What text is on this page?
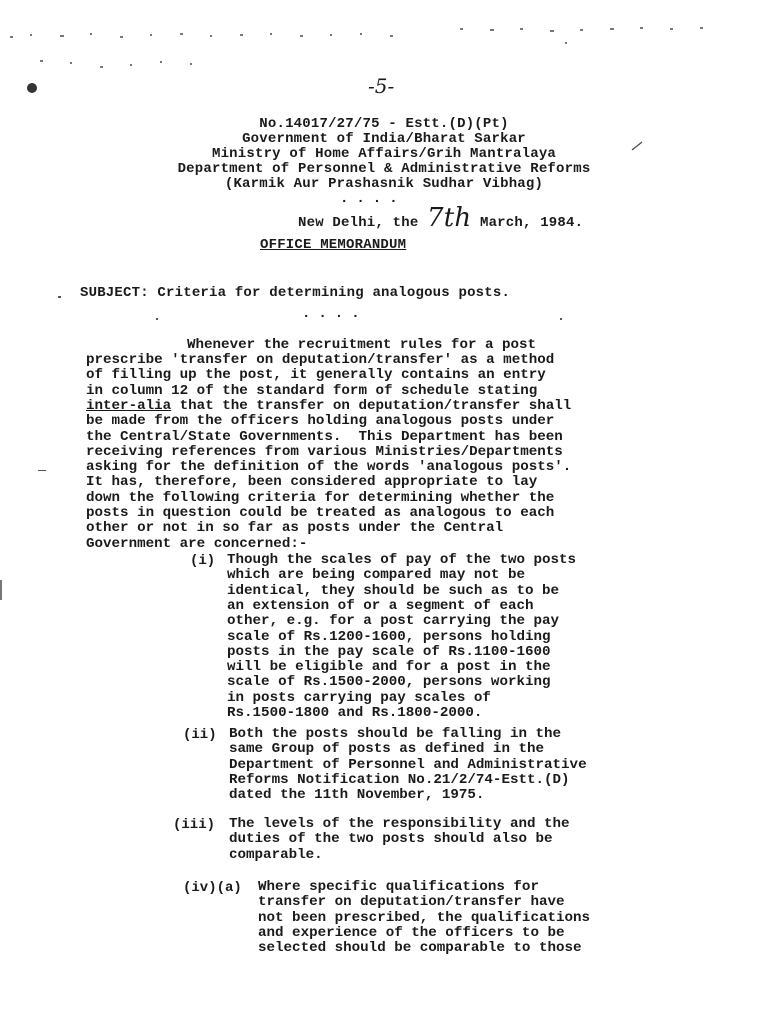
-5-
No.14017/27/75 - Estt.(D)(Pt)
Government of India/Bharat Sarkar
Ministry of Home Affairs/Grih Mantralaya
Department of Personnel & Administrative Reforms
(Karmik Aur Prashasnik Sudhar Vibhag)
....
New Delhi, the 7th March, 1984.
OFFICE MEMORANDUM
SUBJECT: Criteria for determining analogous posts.
....
Whenever the recruitment rules for a post
prescribe 'transfer on deputation/transfer' as a method
of filling up the post, it generally contains an entry
in column 12 of the standard form of schedule stating
inter-alia that the transfer on deputation/transfer shall
be made from the officers holding analogous posts under
the Central/State Governments.  This Department has been
receiving references from various Ministries/Departments
asking for the definition of the words 'analogous posts'.
It has, therefore, been considered appropriate to lay
down the following criteria for determining whether the
posts in question could be treated as analogous to each
other or not in so far as posts under the Central
Government are concerned:-
(i) Though the scales of pay of the two posts
which are being compared may not be
identical, they should be such as to be
an extension of or a segment of each
other, e.g. for a post carrying the pay
scale of Rs.1200-1600, persons holding
posts in the pay scale of Rs.1100-1600
will be eligible and for a post in the
scale of Rs.1500-2000, persons working
in posts carrying pay scales of
Rs.1500-1800 and Rs.1800-2000.
(ii) Both the posts should be falling in the
same Group of posts as defined in the
Department of Personnel and Administrative
Reforms Notification No.21/2/74-Estt.(D)
dated the 11th November, 1975.
(iii) The levels of the responsibility and the
duties of the two posts should also be
comparable.
(iv)(a) Where specific qualifications for
transfer on deputation/transfer have
not been prescribed, the qualifications
and experience of the officers to be
selected should be comparable to those
